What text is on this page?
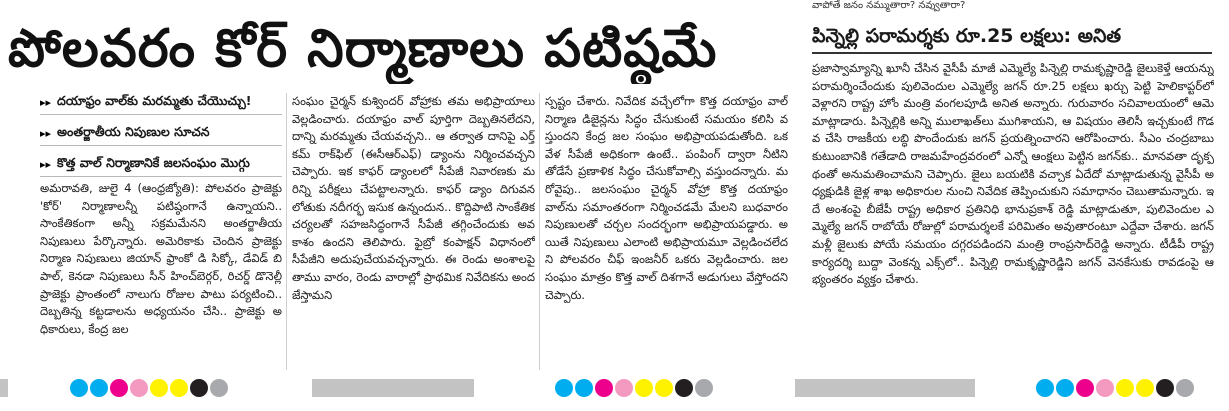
పోలవరం కోర్ నిర్మాణాలు పటిష్ఠమే
▸▸ దయాఫ్రం వాల్‌కు మరమ్మతు చేయొచ్చు!
▸▸ అంతర్జాతీయ నిపుణుల సూచన
▸▸ కొత్త వాల్ నిర్మాణానికే జలసంఘం మొగ్గు
అమరావతి, జులై 4 (ఆంధ్రజ్యోతి): పోలవరం ప్రాజెక్టు 'కోర్' నిర్మాణాలన్నీ పటిష్ఠంగానే ఉన్నాయని.. సాంకేతికంగా అన్నీ సక్రమమేనని అంతర్జాతీయ నిపుణులు పేర్కొన్నారు. అమెరికాకు చెందిన ప్రాజెక్టు నిర్మాణ నిపుణులు జియాన్ ఫ్రాంకో డి సిక్కో, డేవిడ్ బి పాల్, కెనడా నిపుణులు సీన్ హించ్‌బెర్గర్, రిచర్డ్ డొనెల్లీ ప్రాజెక్టు ప్రాంతంలో నాలుగు రోజుల పాటు పర్యటించి.. దెబ్బతిన్న కట్టడాలను అధ్యయనం చేసి.. ప్రాజెక్టు అధికారులు, కేంద్ర జల
సంఘం చైర్మన్ కుశ్విందర్ వోహ్రాకు తమ అభిప్రాయాలు వెల్లడించారు. దయాఫ్రం వాల్ పూర్తిగా దెబ్బతినలేదని, దాన్ని మరమ్మతు చేయవచ్చని.. ఆ తర్వాత దానిపై ఎర్త్ కమ్ రాక్‌ఫిల్ (ఈసీఆర్‌ఎఫ్) డ్యాంను నిర్మించవచ్చని చెప్పారు. ఇక కాఫర్ డ్యాంలలో సీపేజీ నివారణకు మరిన్ని పరీక్షలు చేపట్టాలన్నారు. కాఫర్ డ్యాం దిగువన లోతుకు నదీగర్భ ఇసుక ఉన్నందున.. కొద్దిపాటి సాంకేతిక చర్యలతో సహజసిద్ధంగానే సీపేజీ తగ్గించేందుకు అవకాశం ఉందని తెలిపారు. ఫైబ్రో కంపాక్షన్ విధానంలో సీపేజీని అదుపుచేయవచ్చన్నారు. ఈ రెండు అంశాలపై తాము వారం, రెండు వారాల్లో ప్రాథమిక నివేదికను అందజేస్తామని
స్పష్టం చేశారు. నివేదిక వచ్చేలోగా కొత్త దయాఫ్రం వాల్ నిర్మాణ డిజైన్లను సిద్ధం చేసుకుంటే సమయం కలిసి వస్తుందని కేంద్ర జల సంఘం అభిప్రాయపడుతోంది. ఒకవేళ సీపేజీ అధికంగా ఉంటే.. పంపింగ్ ద్వారా నీటిని తోడేసే ప్రణాళిక సిద్ధం చేసుకోవాల్సి వస్తుందన్నారు. మరోవైపు.. జలసంఘం చైర్మన్ వోహ్రా కొత్త దయాఫ్రం వాల్‌ను సమాంతరంగా నిర్మించడమే మేలని బుధవారం నిపుణులతో చర్చల సందర్భంగా అభిప్రాయపడ్డారు. అయితే నిపుణులు ఎలాంటి అభిప్రాయమూ వెల్లడించలేదని పోలవరం చీఫ్ ఇంజనీర్ ఒకరు వెల్లడించారు. జలసంఘం మాత్రం కొత్త వాల్ దిశగానే అడుగులు వేస్తోందని చెప్పారు.
వాపోతే జనం నమ్ముతారా? నవ్వుతారా?
పిన్నెల్లి పరామర్శకు రూ.25 లక్షలు: అనిత
ప్రజాస్వామ్యాన్ని ఖూనీ చేసిన వైసీపీ మాజీ ఎమ్మెల్యే పిన్నెల్లి రామకృష్ణారెడ్డి జైలుకెళ్తే ఆయన్ను పరామర్శించేందుకు పులివెందుల ఎమ్మెల్యే జగన్ రూ.25 లక్షలు ఖర్చు పెట్టి హెలికాప్టర్‌లో వెళ్లారని రాష్ట్ర హోం మంత్రి వంగలపూడి అనిత అన్నారు. గురువారం సచివాలయంలో ఆమె మాట్లాడారు. పిన్నెల్లికి అన్ని ములాఖత్‌లు ముగిశాయని, ఆ విషయం తెలిసీ ఇచ్చకుంటే గొడవ చేసి రాజకీయ లబ్ధి పొందేందుకు జగన్ ప్రయత్నించారని ఆరోపించారు. సీఎం చంద్రబాబు కుటుంబానికి గతేడాది రాజమహేంద్రవరంలో ఎన్నో ఆంక్షలు పెట్టిన జగన్‌కు.. మానవతా దృక్పథంతో అనుమతించామని చెప్పారు. జైలు బయటికి వచ్చాక ఏదేదో మాట్లాడుతున్న వైసీపీ అధ్యక్షుడికి జైళ్ల శాఖ అధికారుల నుంచి నివేదిక తెప్పించుకుని సమాధానం చెబుతామన్నారు. ఇదే అంశంపై బీజేపీ రాష్ట్ర అధికార ప్రతినిధి భానుప్రకాశ్ రెడ్డి మాట్లాడుతూ, పులివెందుల ఎమ్మెల్యే జగన్ రాబోయే రోజుల్లో పరామర్శలకే పరిమితం అవుతారంటూ ఎద్దేవా చేశారు. జగన్ మళ్లీ జైలుకు పోయే సమయం దగ్గరపడిందని మంత్రి రాంప్రసాద్‌రెడ్డి అన్నారు. టీడీపీ రాష్ట్ర కార్యదర్శి బుద్దా వెంకన్న ఎక్స్‌లో.. పిన్నెల్లి రామకృష్ణారెడ్డిని జగన్ వెనకేసుకు రావడంపై ఆభ్యంతరం వ్యక్తం చేశారు.
